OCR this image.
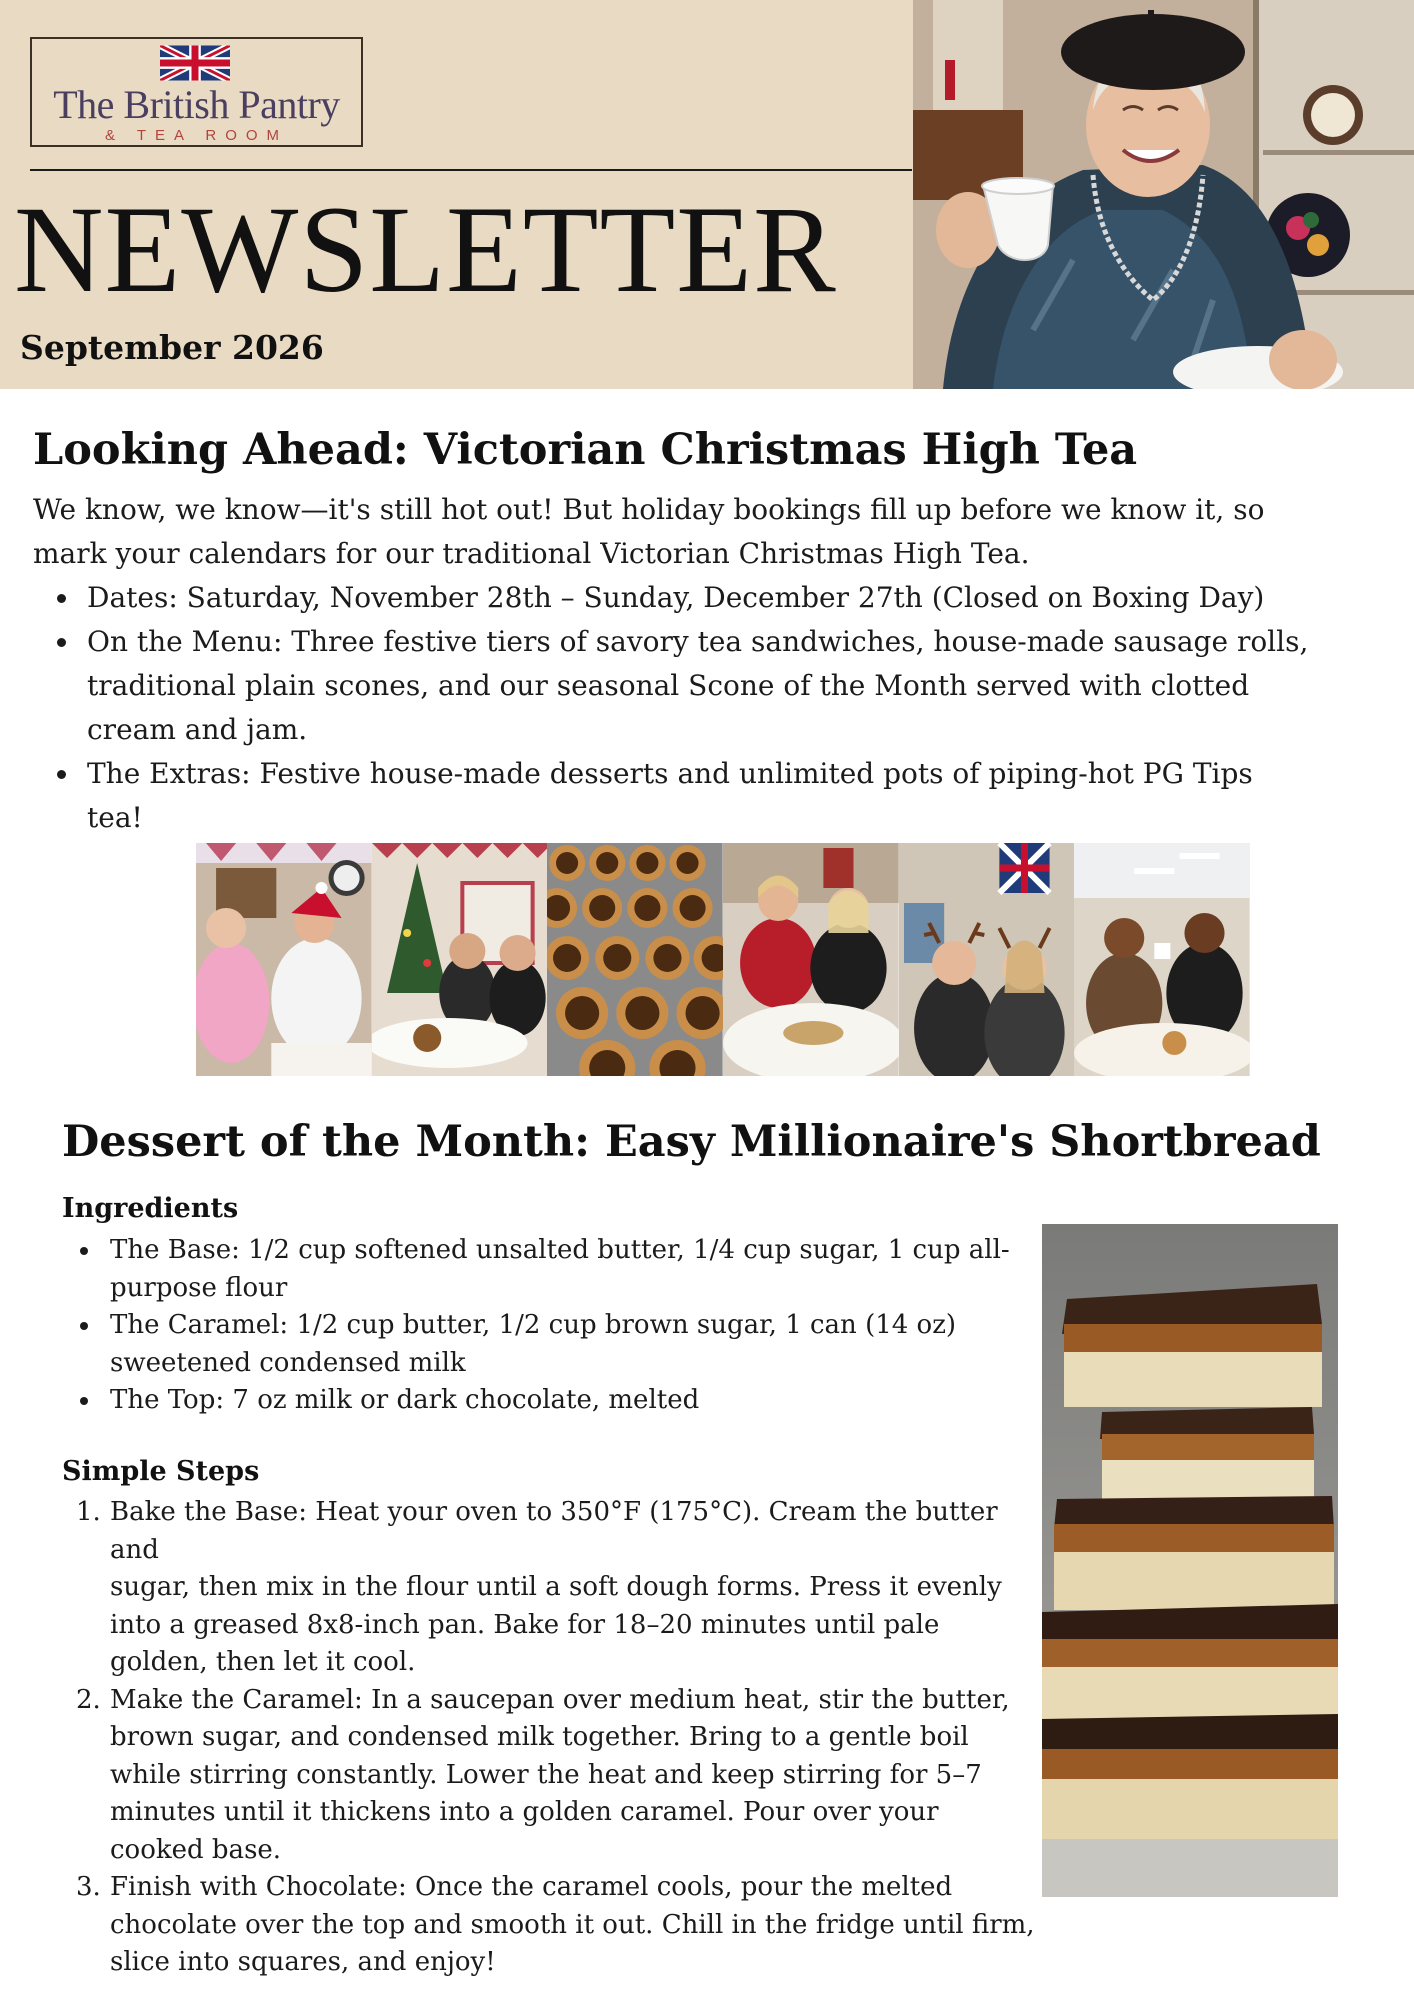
The British Pantry
& TEA ROOM
NEWSLETTER
September 2026
Looking Ahead: Victorian Christmas High Tea
We know, we know—it's still hot out! But holiday bookings fill up before we know it, so
mark your calendars for our traditional Victorian Christmas High Tea.
Dates: Saturday, November 28th – Sunday, December 27th (Closed on Boxing Day)
On the Menu: Three festive tiers of savory tea sandwiches, house-made sausage rolls,
traditional plain scones, and our seasonal Scone of the Month served with clotted
cream and jam.
The Extras: Festive house-made desserts and unlimited pots of piping-hot PG Tips
tea!
Dessert of the Month: Easy Millionaire's Shortbread
Ingredients
The Base: 1/2 cup softened unsalted butter, 1/4 cup sugar, 1 cup all-
purpose flour
The Caramel: 1/2 cup butter, 1/2 cup brown sugar, 1 can (14 oz)
sweetened condensed milk
The Top: 7 oz milk or dark chocolate, melted
Simple Steps
1. Bake the Base: Heat your oven to 350°F (175°C). Cream the butter and
sugar, then mix in the flour until a soft dough forms. Press it evenly
into a greased 8x8-inch pan. Bake for 18–20 minutes until pale
golden, then let it cool.
2. Make the Caramel: In a saucepan over medium heat, stir the butter,
brown sugar, and condensed milk together. Bring to a gentle boil
while stirring constantly. Lower the heat and keep stirring for 5–7
minutes until it thickens into a golden caramel. Pour over your
cooked base.
3. Finish with Chocolate: Once the caramel cools, pour the melted
chocolate over the top and smooth it out. Chill in the fridge until firm,
slice into squares, and enjoy!
